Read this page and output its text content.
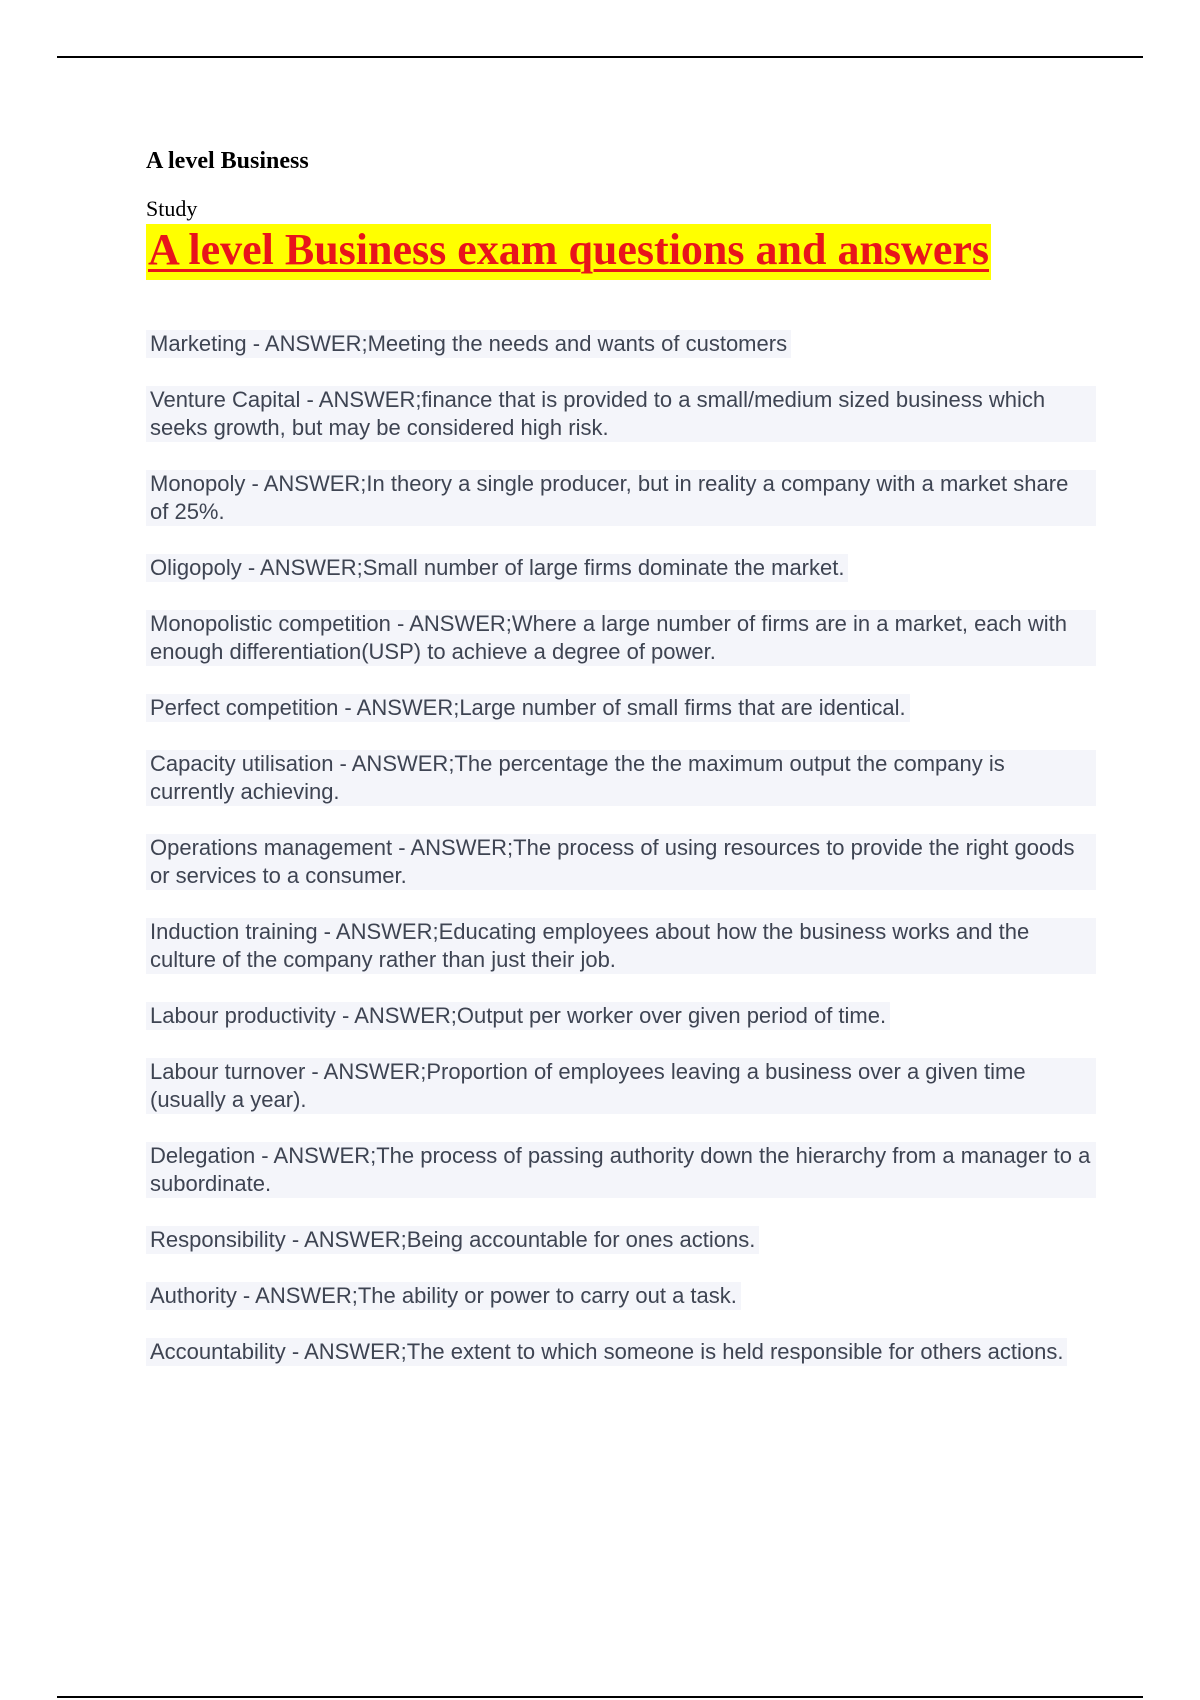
A level Business

Study

A level Business exam questions and answers

Marketing - ANSWER;Meeting the needs and wants of customers

Venture Capital - ANSWER;finance that is provided to a small/medium sized business which seeks growth, but may be considered high risk.

Monopoly - ANSWER;In theory a single producer, but in reality a company with a market share of 25%.

Oligopoly - ANSWER;Small number of large firms dominate the market.

Monopolistic competition - ANSWER;Where a large number of firms are in a market, each with enough differentiation(USP) to achieve a degree of power.

Perfect competition - ANSWER;Large number of small firms that are identical.

Capacity utilisation - ANSWER;The percentage the the maximum output the company is currently achieving.

Operations management - ANSWER;The process of using resources to provide the right goods or services to a consumer.

Induction training - ANSWER;Educating employees about how the business works and the culture of the company rather than just their job.

Labour productivity - ANSWER;Output per worker over given period of time.

Labour turnover - ANSWER;Proportion of employees leaving a business over a given time (usually a year).

Delegation - ANSWER;The process of passing authority down the hierarchy from a manager to a subordinate.

Responsibility - ANSWER;Being accountable for ones actions.

Authority - ANSWER;The ability or power to carry out a task.

Accountability - ANSWER;The extent to which someone is held responsible for others actions.
